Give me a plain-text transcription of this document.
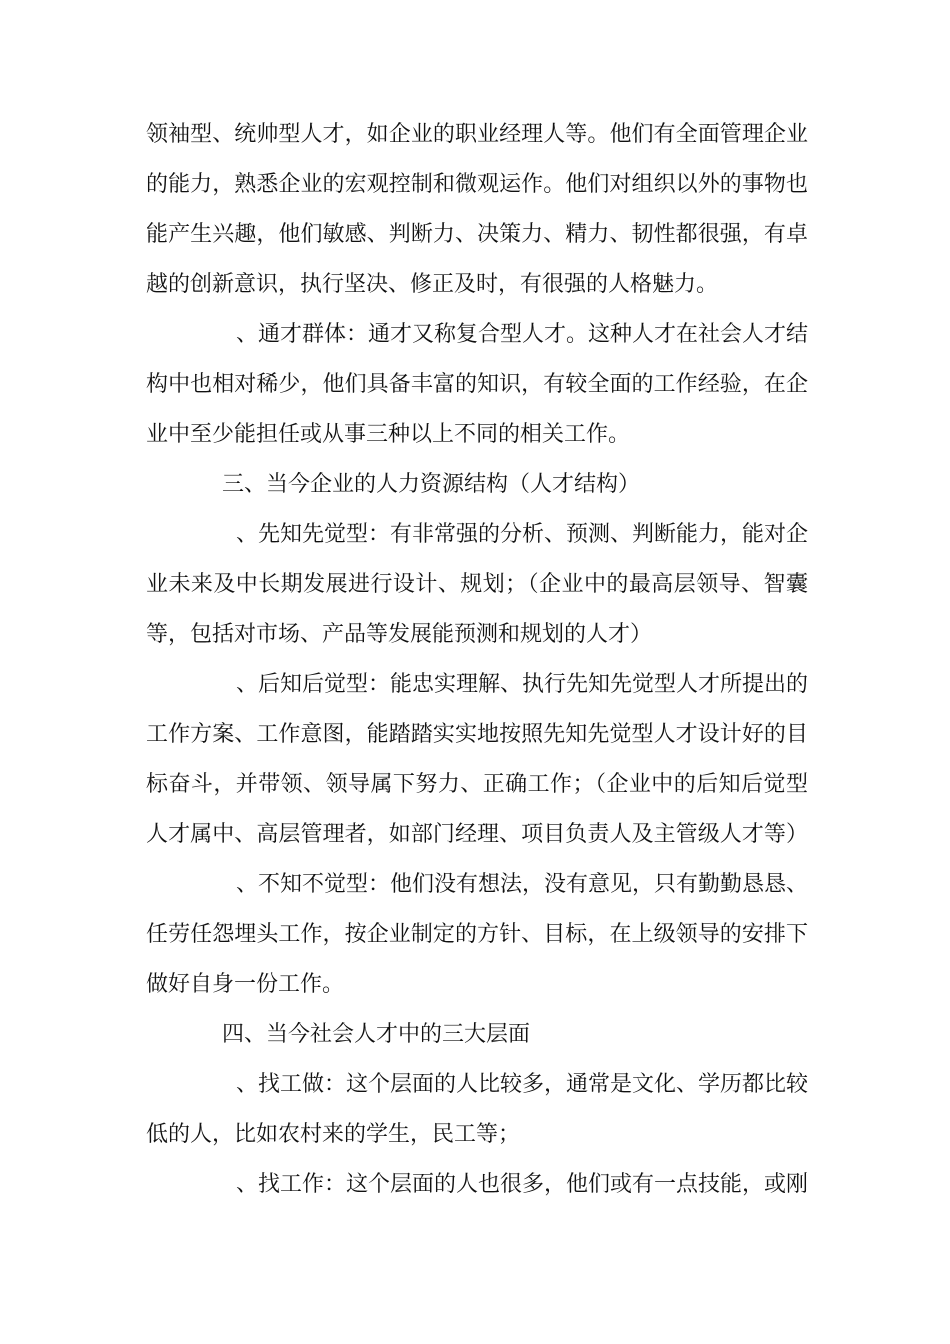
领袖型、统帅型人才，如企业的职业经理人等。他们有全面管理企业
的能力，熟悉企业的宏观控制和微观运作。他们对组织以外的事物也
能产生兴趣，他们敏感、判断力、决策力、精力、韧性都很强，有卓
越的创新意识，执行坚决、修正及时，有很强的人格魅力。
、通才群体：通才又称复合型人才。这种人才在社会人才结
构中也相对稀少，他们具备丰富的知识，有较全面的工作经验，在企
业中至少能担任或从事三种以上不同的相关工作。
三、当今企业的人力资源结构（人才结构）
、先知先觉型：有非常强的分析、预测、判断能力，能对企
业未来及中长期发展进行设计、规划；（企业中的最高层领导、智囊
等，包括对市场、产品等发展能预测和规划的人才）
、后知后觉型：能忠实理解、执行先知先觉型人才所提出的
工作方案、工作意图，能踏踏实实地按照先知先觉型人才设计好的目
标奋斗，并带领、领导属下努力、正确工作；（企业中的后知后觉型
人才属中、高层管理者，如部门经理、项目负责人及主管级人才等）
、不知不觉型：他们没有想法，没有意见，只有勤勤恳恳、
任劳任怨埋头工作，按企业制定的方针、目标，在上级领导的安排下
做好自身一份工作。
四、当今社会人才中的三大层面
、找工做：这个层面的人比较多，通常是文化、学历都比较
低的人，比如农村来的学生，民工等；
、找工作：这个层面的人也很多，他们或有一点技能，或刚
